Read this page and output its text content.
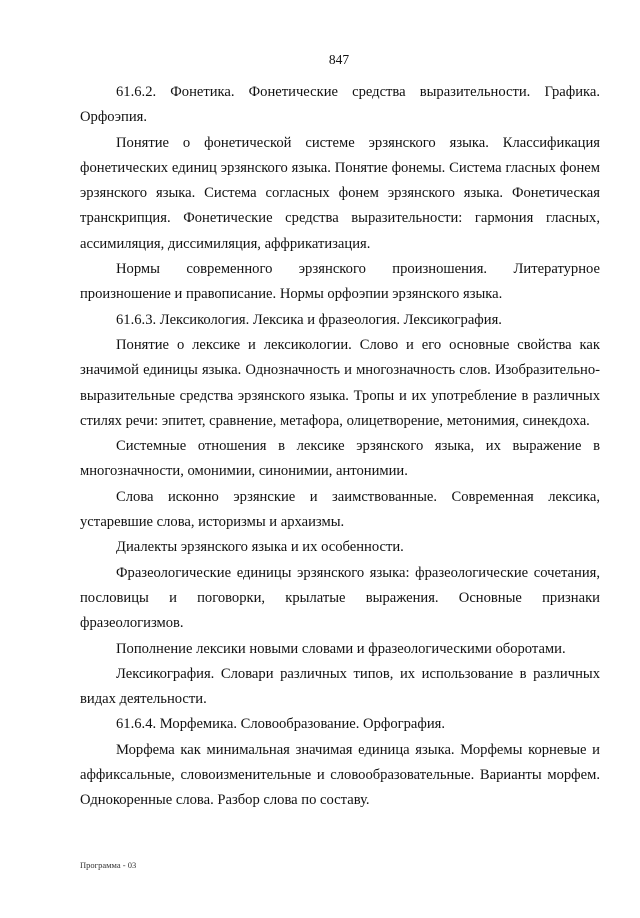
847

61.6.2. Фонетика. Фонетические средства выразительности. Графика. Орфоэпия.

Понятие о фонетической системе эрзянского языка. Классификация фонетических единиц эрзянского языка. Понятие фонемы. Система гласных фонем эрзянского языка. Система согласных фонем эрзянского языка. Фонетическая транскрипция. Фонетические средства выразительности: гармония гласных, ассимиляция, диссимиляция, аффрикатизация.

Нормы современного эрзянского произношения. Литературное произношение и правописание. Нормы орфоэпии эрзянского языка.

61.6.3. Лексикология. Лексика и фразеология. Лексикография.

Понятие о лексике и лексикологии. Слово и его основные свойства как значимой единицы языка. Однозначность и многозначность слов. Изобразительно-выразительные средства эрзянского языка. Тропы и их употребление в различных стилях речи: эпитет, сравнение, метафора, олицетворение, метонимия, синекдоха.

Системные отношения в лексике эрзянского языка, их выражение в многозначности, омонимии, синонимии, антонимии.

Слова исконно эрзянские и заимствованные. Современная лексика, устаревшие слова, историзмы и архаизмы.

Диалекты эрзянского языка и их особенности.

Фразеологические единицы эрзянского языка: фразеологические сочетания, пословицы и поговорки, крылатые выражения. Основные признаки фразеологизмов.

Пополнение лексики новыми словами и фразеологическими оборотами.

Лексикография. Словари различных типов, их использование в различных видах деятельности.

61.6.4. Морфемика. Словообразование. Орфография.

Морфема как минимальная значимая единица языка. Морфемы корневые и аффиксальные, словоизменительные и словообразовательные. Варианты морфем. Однокоренные слова. Разбор слова по составу.

Программа - 03
